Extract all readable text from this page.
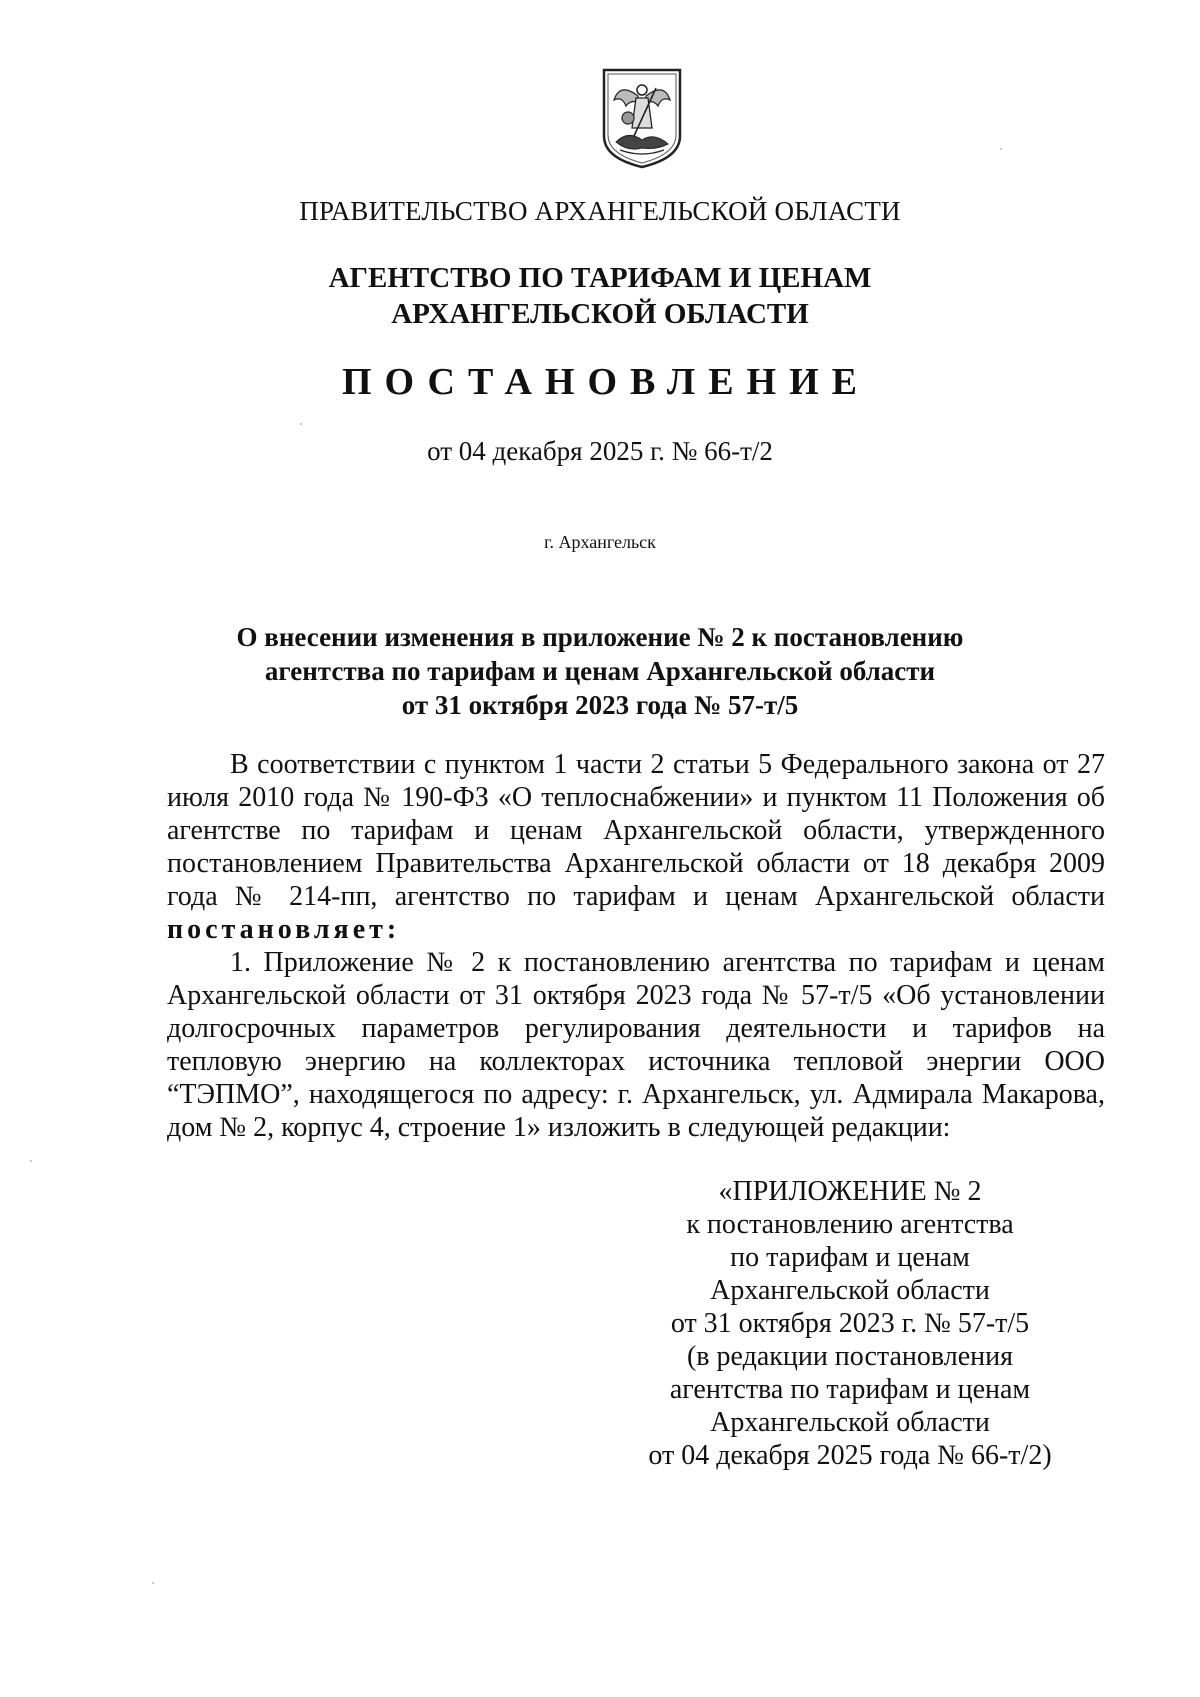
ПРАВИТЕЛЬСТВО АРХАНГЕЛЬСКОЙ ОБЛАСТИ
АГЕНТСТВО ПО ТАРИФАМ И ЦЕНАМ
АРХАНГЕЛЬСКОЙ ОБЛАСТИ
ПОСТАНОВЛЕНИЕ
от 04 декабря 2025 г. № 66-т/2
г. Архангельск
О внесении изменения в приложение № 2 к постановлению
агентства по тарифам и ценам Архангельской области
от 31 октября 2023 года № 57-т/5

В соответствии с пунктом 1 части 2 статьи 5 Федерального закона от 27 июля 2010 года № 190-ФЗ «О теплоснабжении» и пунктом 11 Положения об агентстве по тарифам и ценам Архангельской области, утвержденного постановлением Правительства Архангельской области от 18 декабря 2009 года № 214-пп, агентство по тарифам и ценам Архангельской области постановляет:

1. Приложение № 2 к постановлению агентства по тарифам и ценам Архангельской области от 31 октября 2023 года № 57-т/5 «Об установлении долгосрочных параметров регулирования деятельности и тарифов на тепловую энергию на коллекторах источника тепловой энергии ООО “ТЭПМО”, находящегося по адресу: г. Архангельск, ул. Адмирала Макарова, дом № 2, корпус 4, строение 1» изложить в следующей редакции:

«ПРИЛОЖЕНИЕ № 2
к постановлению агентства
по тарифам и ценам
Архангельской области
от 31 октября 2023 г. № 57-т/5
(в редакции постановления
агентства по тарифам и ценам
Архангельской области
от 04 декабря 2025 года № 66-т/2)
